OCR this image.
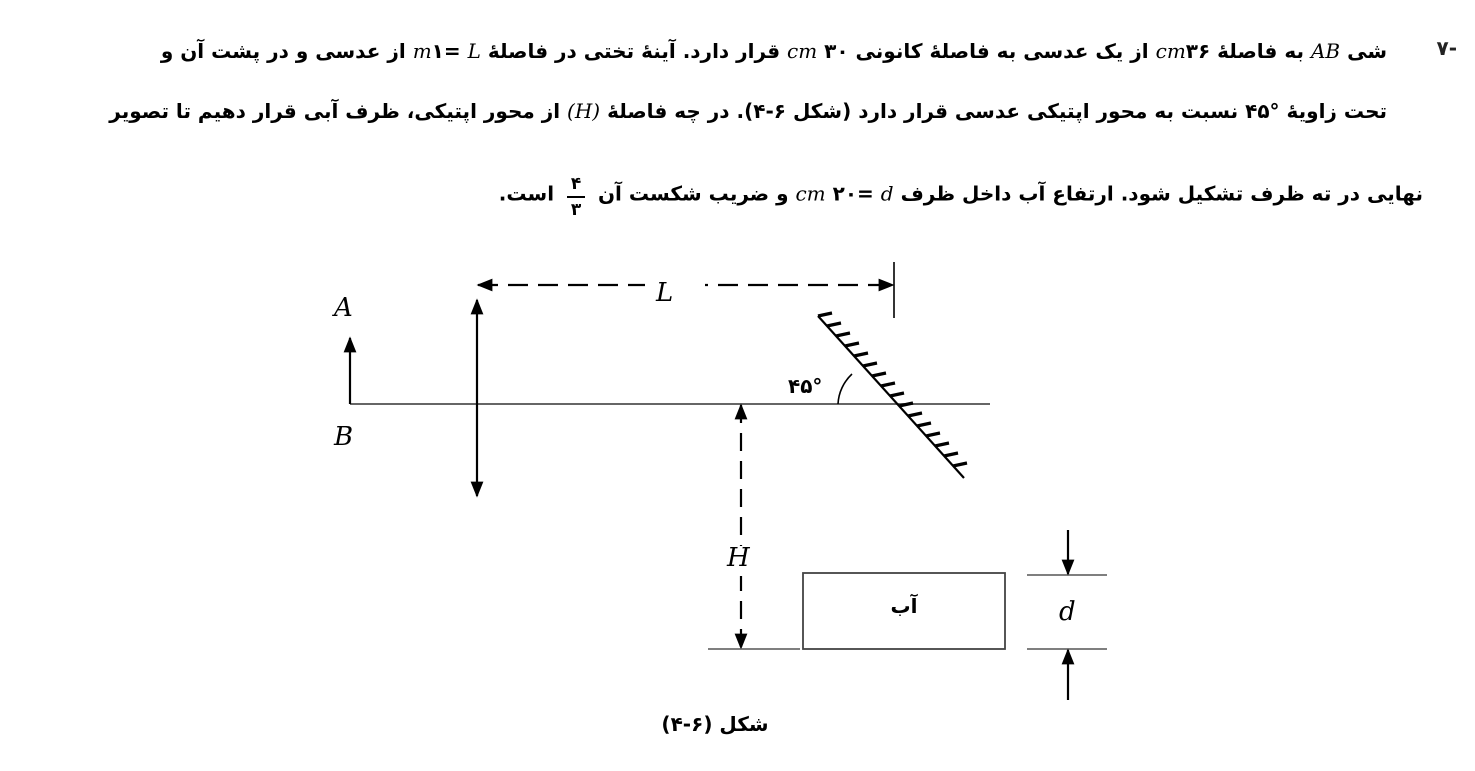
-۷
شی AB به فاصلهٔ ۳۶cm از یک عدسی به فاصلهٔ کانونی ۳۰ cm قرار دارد. آینهٔ تختی در فاصلهٔ L =۱m از عدسی و در پشت آن و
تحت زاویهٔ °۴۵ نسبت به محور اپتیکی عدسی قرار دارد (شکل ۶-۴). در چه فاصلهٔ (H) از محور اپتیکی، ظرف آبی قرار دهیم تا تصویر
نهایی در ته ظرف تشکیل شود. ارتفاع آب داخل ظرف d =۲۰ cm و ضریب شکست آن
$\frac{۴}{۳}$
است.
A
B
L
H
d
۴۵°
آب
شکل (۶-۴)
